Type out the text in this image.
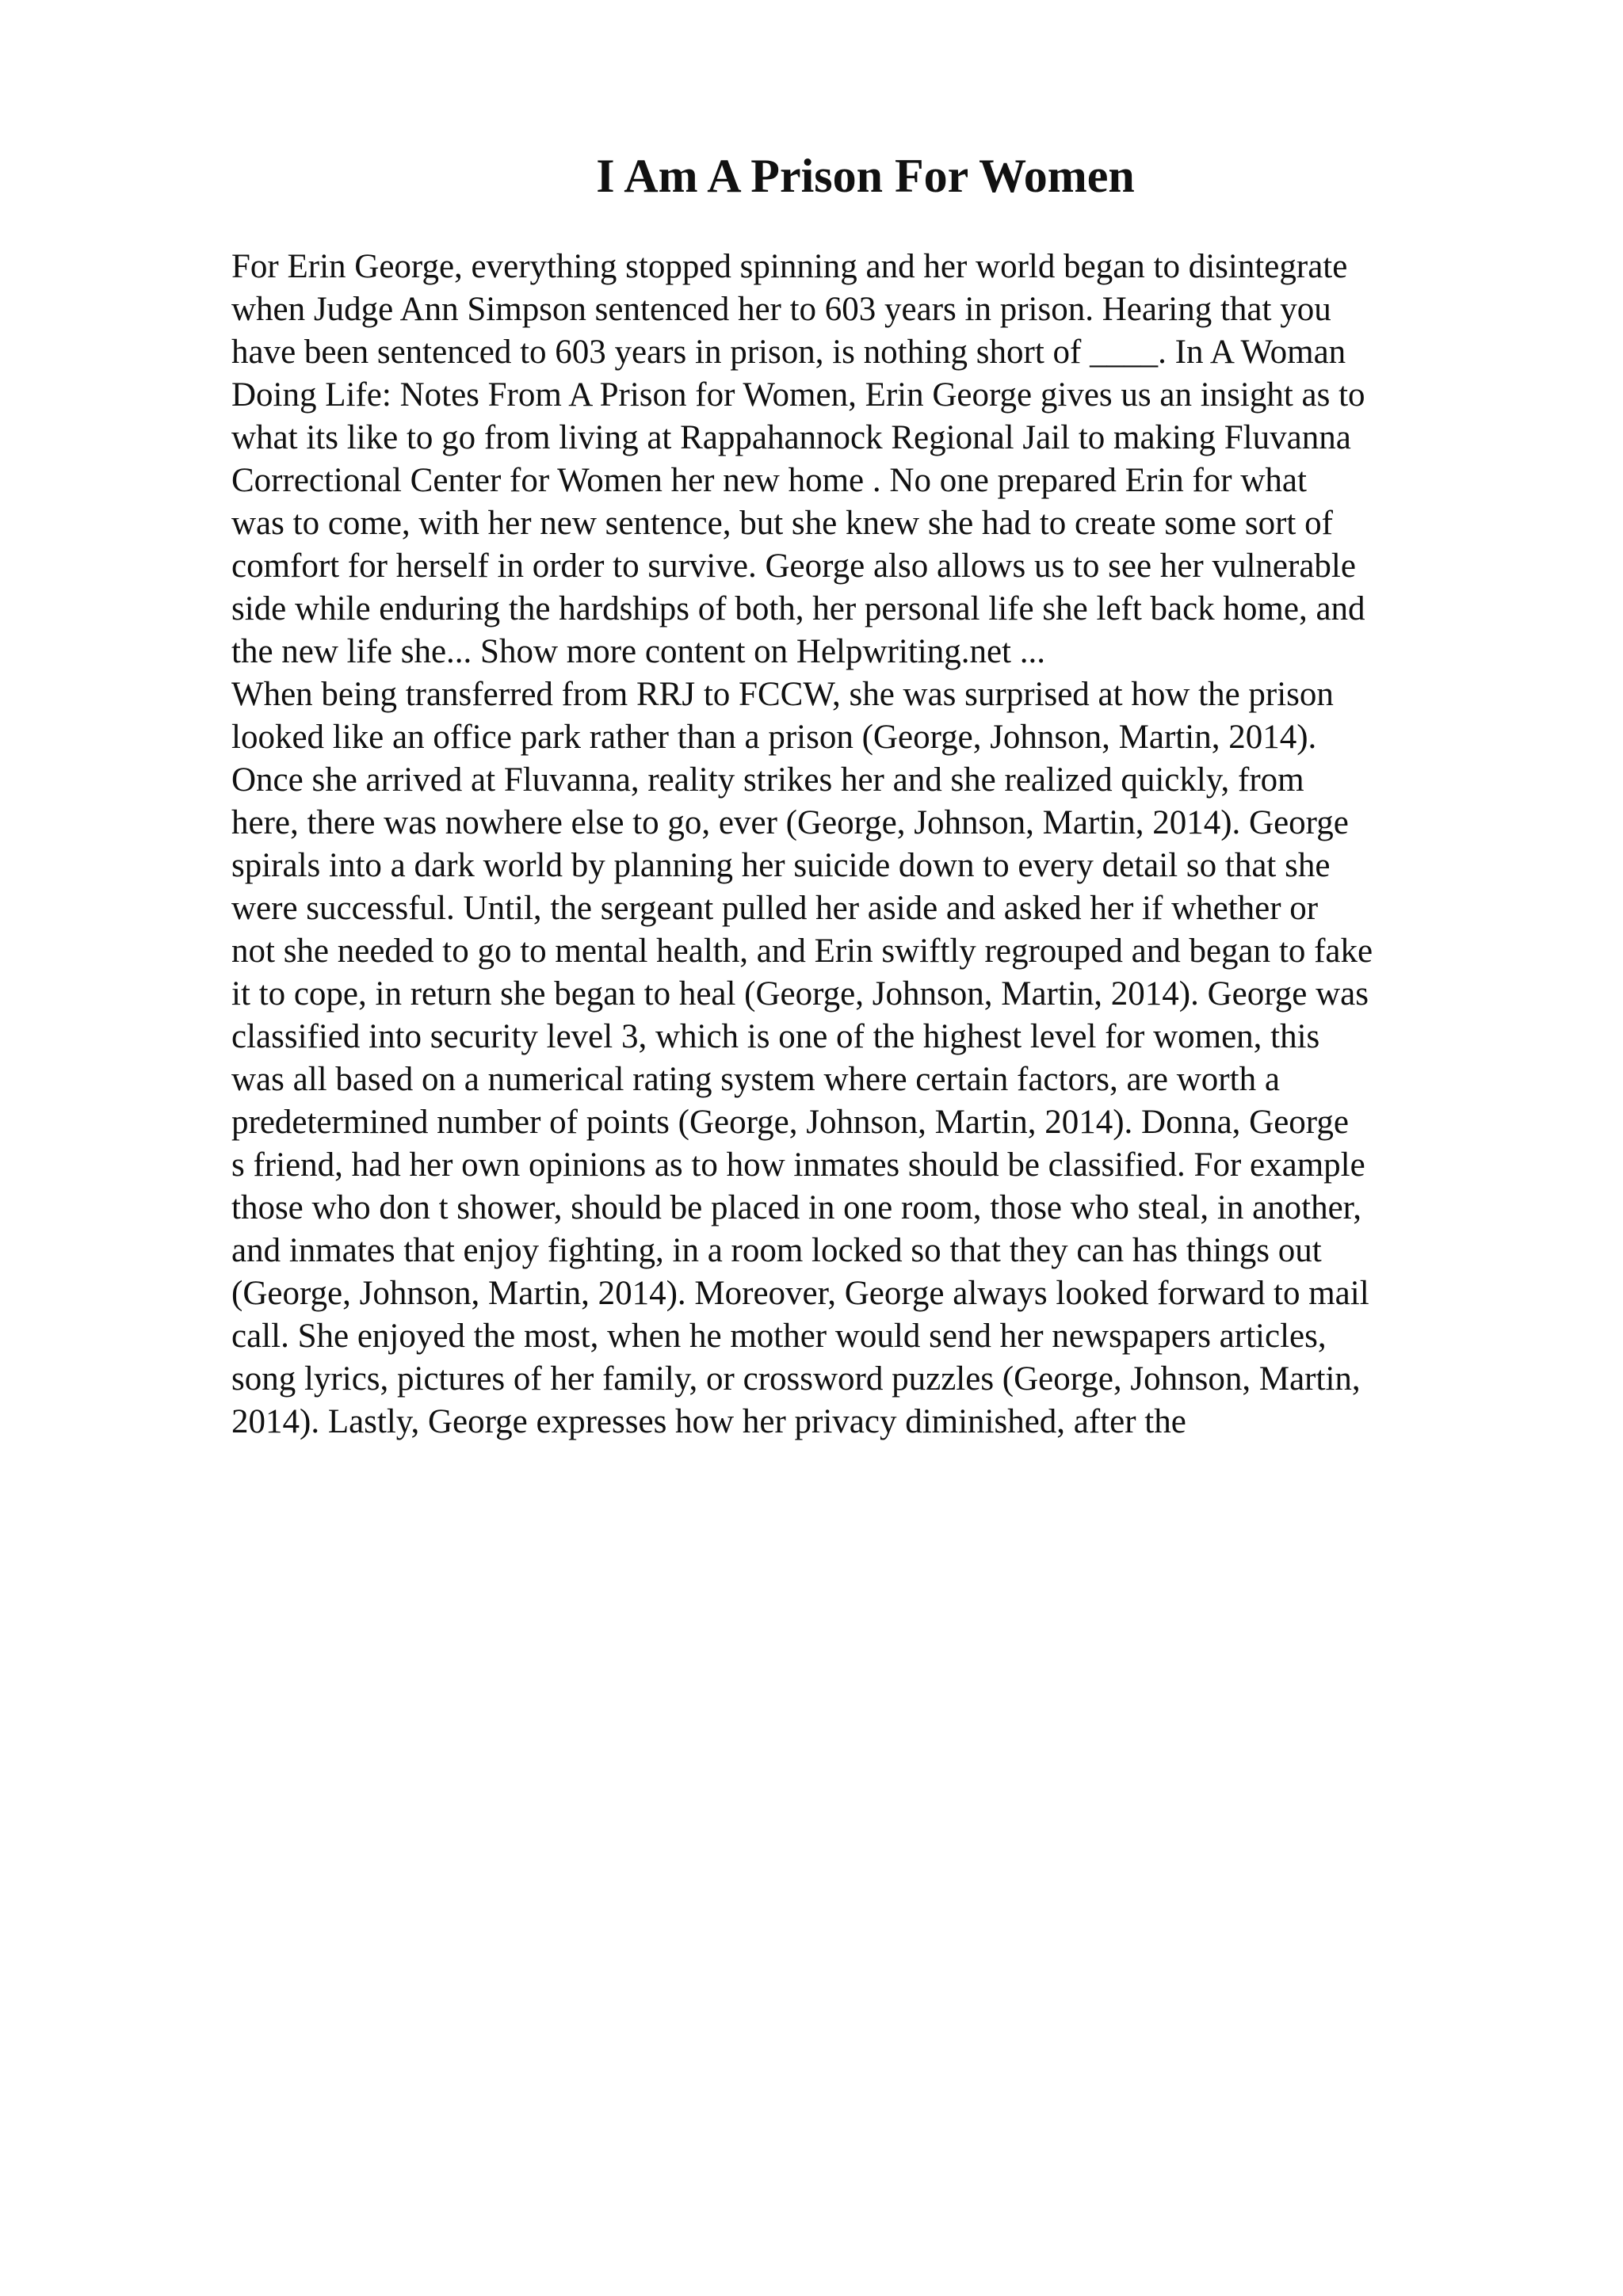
I Am A Prison For Women
For Erin George, everything stopped spinning and her world began to disintegrate
when Judge Ann Simpson sentenced her to 603 years in prison. Hearing that you
have been sentenced to 603 years in prison, is nothing short of ____. In A Woman
Doing Life: Notes From A Prison for Women, Erin George gives us an insight as to
what its like to go from living at Rappahannock Regional Jail to making Fluvanna
Correctional Center for Women her new home . No one prepared Erin for what
was to come, with her new sentence, but she knew she had to create some sort of
comfort for herself in order to survive. George also allows us to see her vulnerable
side while enduring the hardships of both, her personal life she left back home, and
the new life she... Show more content on Helpwriting.net ...
When being transferred from RRJ to FCCW, she was surprised at how the prison
looked like an office park rather than a prison (George, Johnson, Martin, 2014).
Once she arrived at Fluvanna, reality strikes her and she realized quickly, from
here, there was nowhere else to go, ever (George, Johnson, Martin, 2014). George
spirals into a dark world by planning her suicide down to every detail so that she
were successful. Until, the sergeant pulled her aside and asked her if whether or
not she needed to go to mental health, and Erin swiftly regrouped and began to fake
it to cope, in return she began to heal (George, Johnson, Martin, 2014). George was
classified into security level 3, which is one of the highest level for women, this
was all based on a numerical rating system where certain factors, are worth a
predetermined number of points (George, Johnson, Martin, 2014). Donna, George
s friend, had her own opinions as to how inmates should be classified. For example
those who don t shower, should be placed in one room, those who steal, in another,
and inmates that enjoy fighting, in a room locked so that they can has things out
(George, Johnson, Martin, 2014). Moreover, George always looked forward to mail
call. She enjoyed the most, when he mother would send her newspapers articles,
song lyrics, pictures of her family, or crossword puzzles (George, Johnson, Martin,
2014). Lastly, George expresses how her privacy diminished, after the
